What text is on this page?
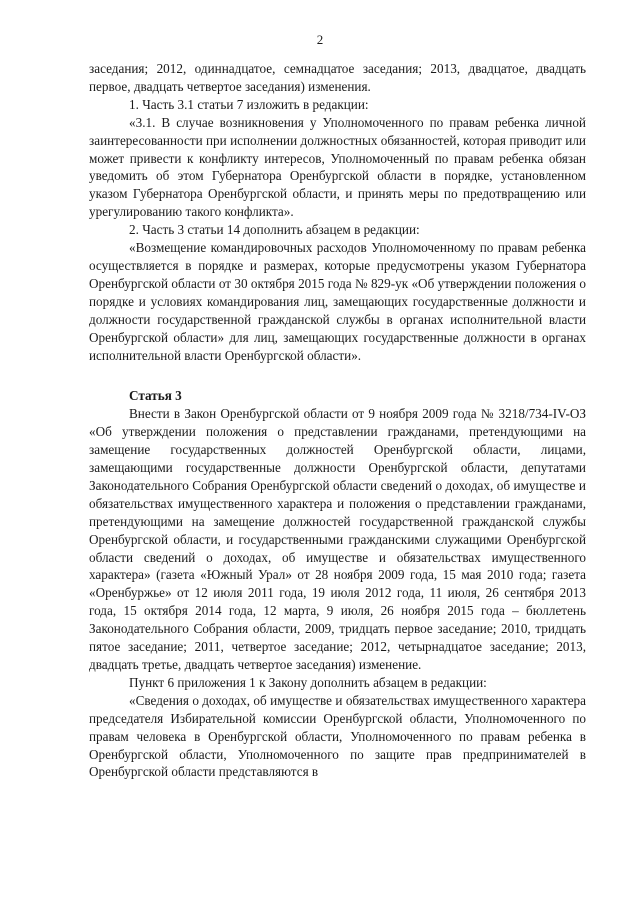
2

заседания; 2012, одиннадцатое, семнадцатое заседания; 2013, двадцатое, двадцать первое, двадцать четвертое заседания) изменения.

1. Часть 3.1 статьи 7 изложить в редакции:

«3.1. В случае возникновения у Уполномоченного по правам ребенка личной заинтересованности при исполнении должностных обязанностей, которая приводит или может привести к конфликту интересов, Уполномоченный по правам ребенка обязан уведомить об этом Губернатора Оренбургской области в порядке, установленном указом Губернатора Оренбургской области, и принять меры по предотвращению или урегулированию такого конфликта».

2. Часть 3 статьи 14 дополнить абзацем в редакции:

«Возмещение командировочных расходов Уполномоченному по правам ребенка осуществляется в порядке и размерах, которые предусмотрены указом Губернатора Оренбургской области от 30 октября 2015 года № 829-ук «Об утверждении положения о порядке и условиях командирования лиц, замещающих государственные должности и должности государственной гражданской службы в органах исполнительной власти Оренбургской области» для лиц, замещающих государственные должности в органах исполнительной власти Оренбургской области».

Статья 3

Внести в Закон Оренбургской области от 9 ноября 2009 года № 3218/734-IV-ОЗ «Об утверждении положения о представлении гражданами, претендующими на замещение государственных должностей Оренбургской области, лицами, замещающими государственные должности Оренбургской области, депутатами Законодательного Собрания Оренбургской области сведений о доходах, об имуществе и обязательствах имущественного характера и положения о представлении гражданами, претендующими на замещение должностей государственной гражданской службы Оренбургской области, и государственными гражданскими служащими Оренбургской области сведений о доходах, об имуществе и обязательствах имущественного характера» (газета «Южный Урал» от 28 ноября 2009 года, 15 мая 2010 года; газета «Оренбуржье» от 12 июля 2011 года, 19 июля 2012 года, 11 июля, 26 сентября 2013 года, 15 октября 2014 года, 12 марта, 9 июля, 26 ноября 2015 года – бюллетень Законодательного Собрания области, 2009, тридцать первое заседание; 2010, тридцать пятое заседание; 2011, четвертое заседание; 2012, четырнадцатое заседание; 2013, двадцать третье, двадцать четвертое заседания) изменение.

Пункт 6 приложения 1 к Закону дополнить абзацем в редакции:

«Сведения о доходах, об имуществе и обязательствах имущественного характера председателя Избирательной комиссии Оренбургской области, Уполномоченного по правам человека в Оренбургской области, Уполномоченного по правам ребенка в Оренбургской области, Уполномоченного по защите прав предпринимателей в Оренбургской области представляются в
